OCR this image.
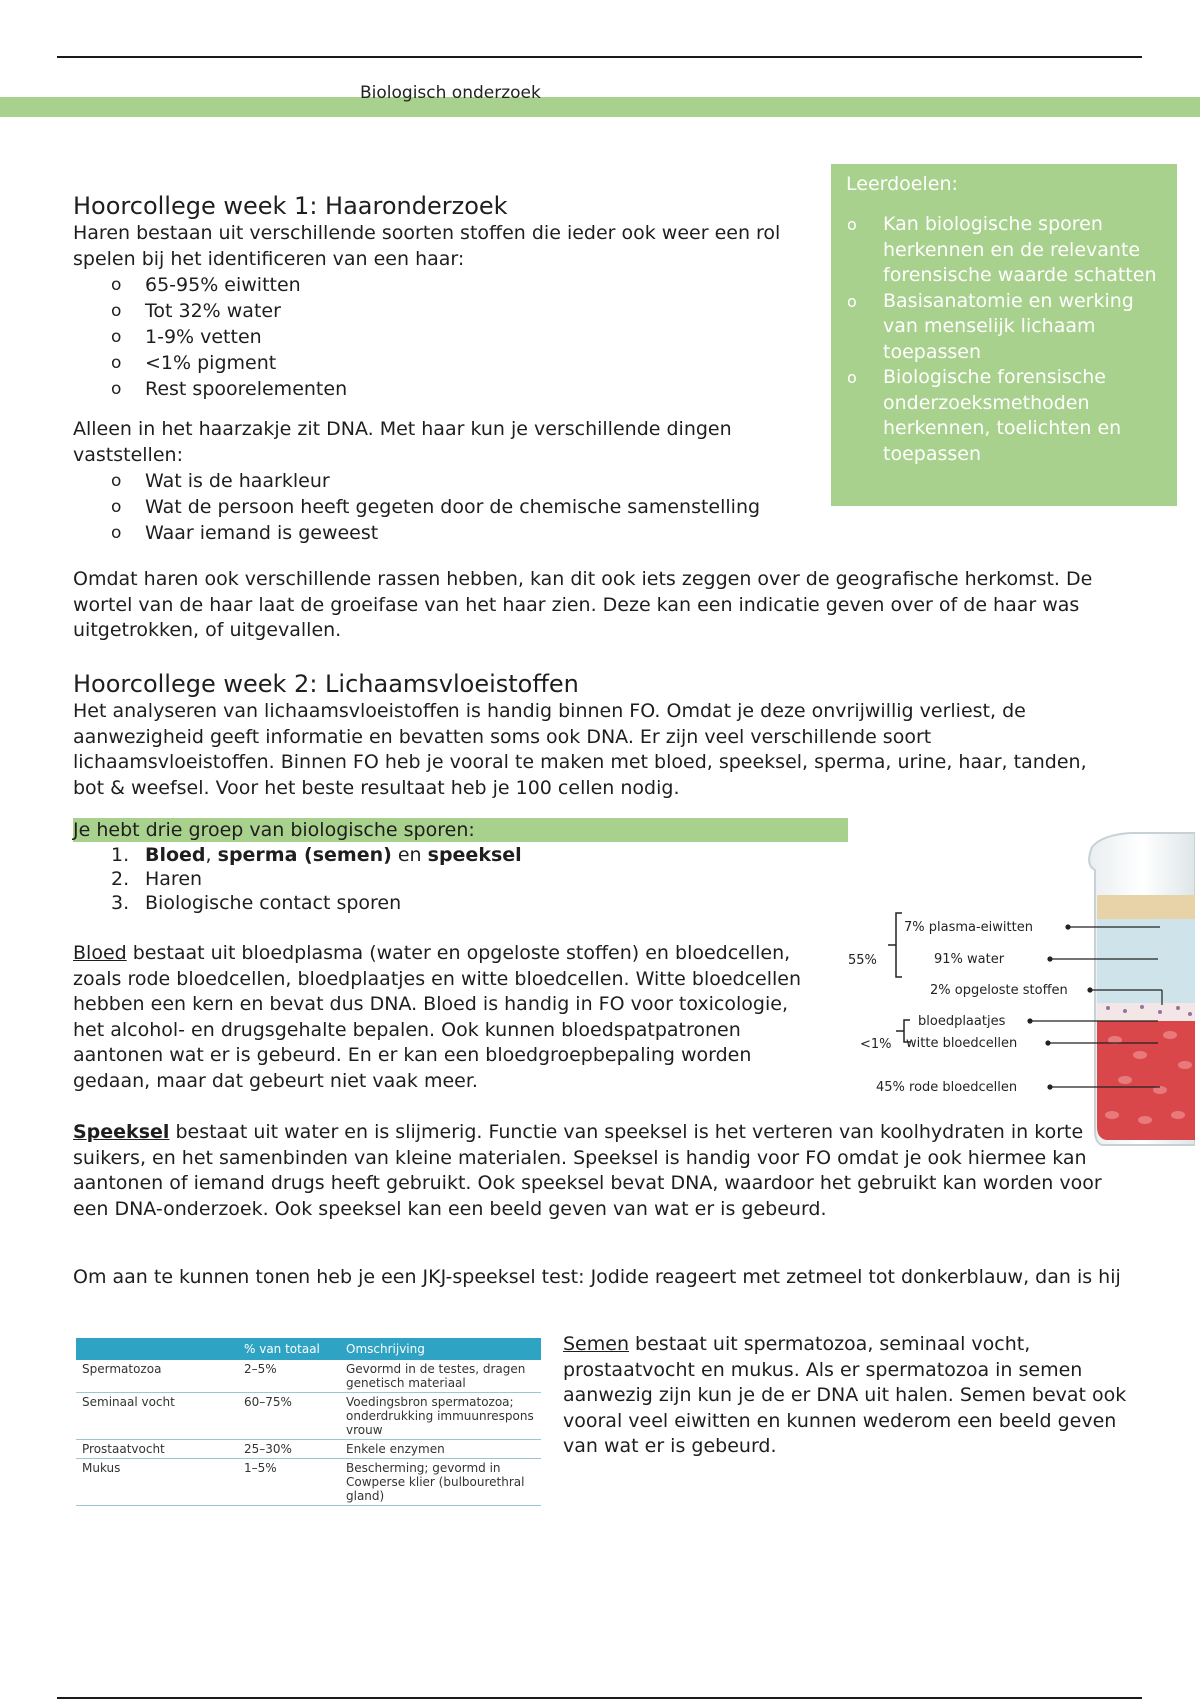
Biologisch onderzoek
Leerdoelen:
o Kan biologische sporen herkennen en de relevante forensische waarde schatten
o Basisanatomie en werking van menselijk lichaam toepassen
o Biologische forensische onderzoeksmethoden herkennen, toelichten en toepassen
Hoorcollege week 1: Haaronderzoek

Haren bestaan uit verschillende soorten stoffen die ieder ook weer een rol spelen bij het identificeren van een haar:

o 65-95% eiwitten
o Tot 32% water
o 1-9% vetten
o <1% pigment
o Rest spoorelementen

Alleen in het haarzakje zit DNA. Met haar kun je verschillende dingen vaststellen:

o Wat is de haarkleur
o Wat de persoon heeft gegeten door de chemische samenstelling
o Waar iemand is geweest

Omdat haren ook verschillende rassen hebben, kan dit ook iets zeggen over de geografische herkomst. De wortel van de haar laat de groeifase van het haar zien. Deze kan een indicatie geven over of de haar was uitgetrokken, of uitgevallen.

Hoorcollege week 2: Lichaamsvloeistoffen

Het analyseren van lichaamsvloeistoffen is handig binnen FO. Omdat je deze onvrijwillig verliest, de aanwezigheid geeft informatie en bevatten soms ook DNA. Er zijn veel verschillende soort lichaamsvloeistoffen. Binnen FO heb je vooral te maken met bloed, speeksel, sperma, urine, haar, tanden, bot & weefsel. Voor het beste resultaat heb je 100 cellen nodig.

Je hebt drie groep van biologische sporen:
1. Bloed, sperma (semen) en speeksel
2. Haren
3. Biologische contact sporen

Bloed bestaat uit bloedplasma (water en opgeloste stoffen) en bloedcellen, zoals rode bloedcellen, bloedplaatjes en witte bloedcellen. Witte bloedcellen hebben een kern en bevat dus DNA. Bloed is handig in FO voor toxicologie, het alcohol- en drugsgehalte bepalen. Ook kunnen bloedspatpatronen aantonen wat er is gebeurd. En er kan een bloedgroepbepaling worden gedaan, maar dat gebeurt niet vaak meer.

55%
<1%
7% plasma-eiwitten
91% water
2% opgeloste stoffen
bloedplaatjes
witte bloedcellen
45% rode bloedcellen

Speeksel bestaat uit water en is slijmerig. Functie van speeksel is het verteren van koolhydraten in korte suikers, en het samenbinden van kleine materialen. Speeksel is handig voor FO omdat je ook hiermee kan aantonen of iemand drugs heeft gebruikt. Ook speeksel bevat DNA, waardoor het gebruikt kan worden voor een DNA-onderzoek. Ook speeksel kan een beeld geven van wat er is gebeurd.

Om aan te kunnen tonen heb je een JKJ-speeksel test: Jodide reageert met zetmeel tot donkerblauw, dan is hij

	% van totaal	Omschrijving
Spermatozoa	2–5%	Gevormd in de testes, dragen genetisch materiaal
Seminaal vocht	60–75%	Voedingsbron spermatozoa; onderdrukking immuunrespons vrouw
Prostaatvocht	25–30%	Enkele enzymen
Mukus	1–5%	Bescherming; gevormd in Cowperse klier (bulbourethral gland)

Semen bestaat uit spermatozoa, seminaal vocht, prostaatvocht en mukus. Als er spermatozoa in semen aanwezig zijn kun je de er DNA uit halen. Semen bevat ook vooral veel eiwitten en kunnen wederom een beeld geven van wat er is gebeurd.
